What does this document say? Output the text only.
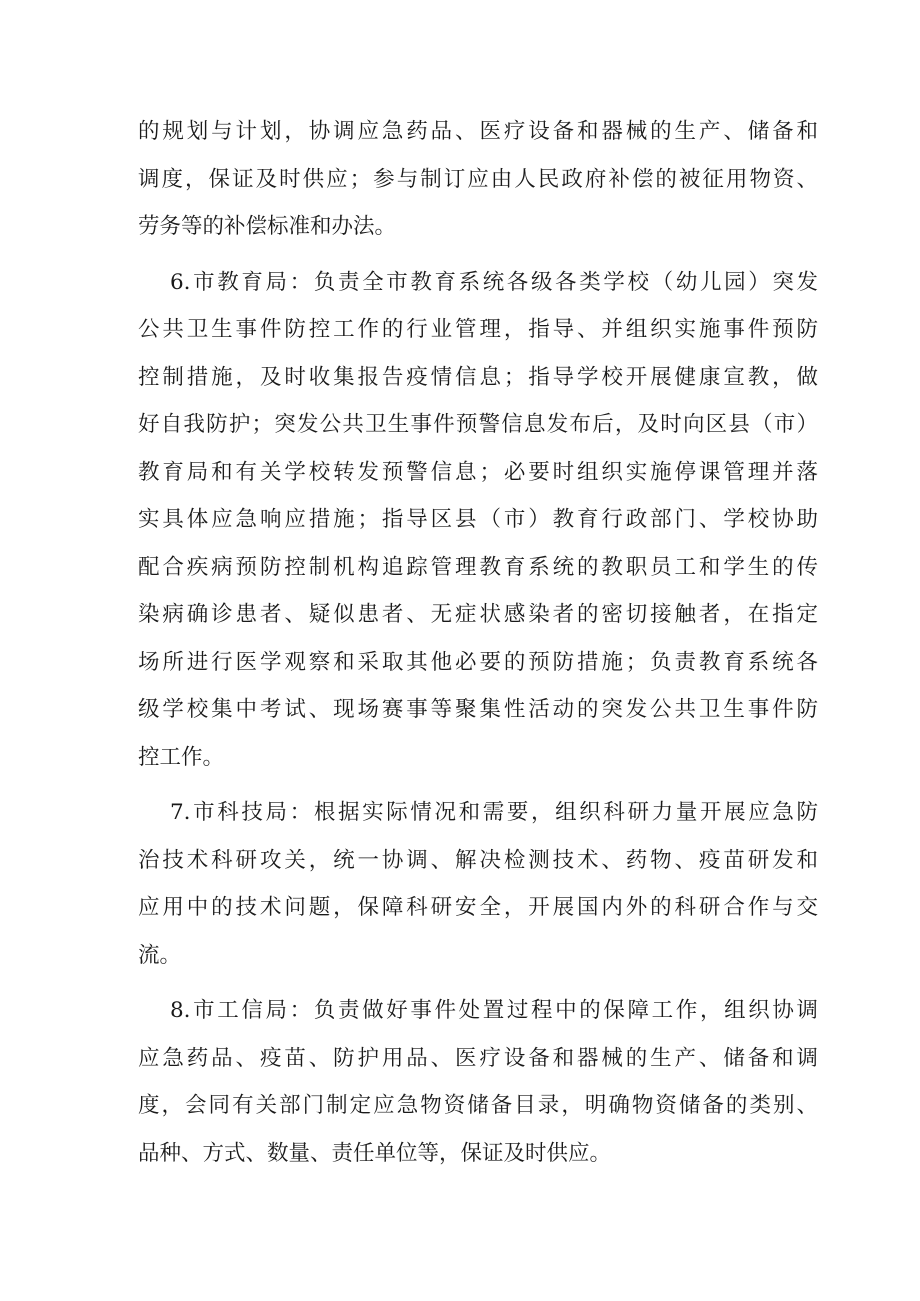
的规划与计划，协调应急药品、医疗设备和器械的生产、储备和
调度，保证及时供应；参与制订应由人民政府补偿的被征用物资、
劳务等的补偿标准和办法。
6.市教育局：负责全市教育系统各级各类学校（幼儿园）突发
公共卫生事件防控工作的行业管理，指导、并组织实施事件预防
控制措施，及时收集报告疫情信息；指导学校开展健康宣教，做
好自我防护；突发公共卫生事件预警信息发布后，及时向区县（市）
教育局和有关学校转发预警信息；必要时组织实施停课管理并落
实具体应急响应措施；指导区县（市）教育行政部门、学校协助
配合疾病预防控制机构追踪管理教育系统的教职员工和学生的传
染病确诊患者、疑似患者、无症状感染者的密切接触者，在指定
场所进行医学观察和采取其他必要的预防措施；负责教育系统各
级学校集中考试、现场赛事等聚集性活动的突发公共卫生事件防
控工作。
7.市科技局：根据实际情况和需要，组织科研力量开展应急防
治技术科研攻关，统一协调、解决检测技术、药物、疫苗研发和
应用中的技术问题，保障科研安全，开展国内外的科研合作与交
流。
8.市工信局：负责做好事件处置过程中的保障工作，组织协调
应急药品、疫苗、防护用品、医疗设备和器械的生产、储备和调
度，会同有关部门制定应急物资储备目录，明确物资储备的类别、
品种、方式、数量、责任单位等，保证及时供应。
